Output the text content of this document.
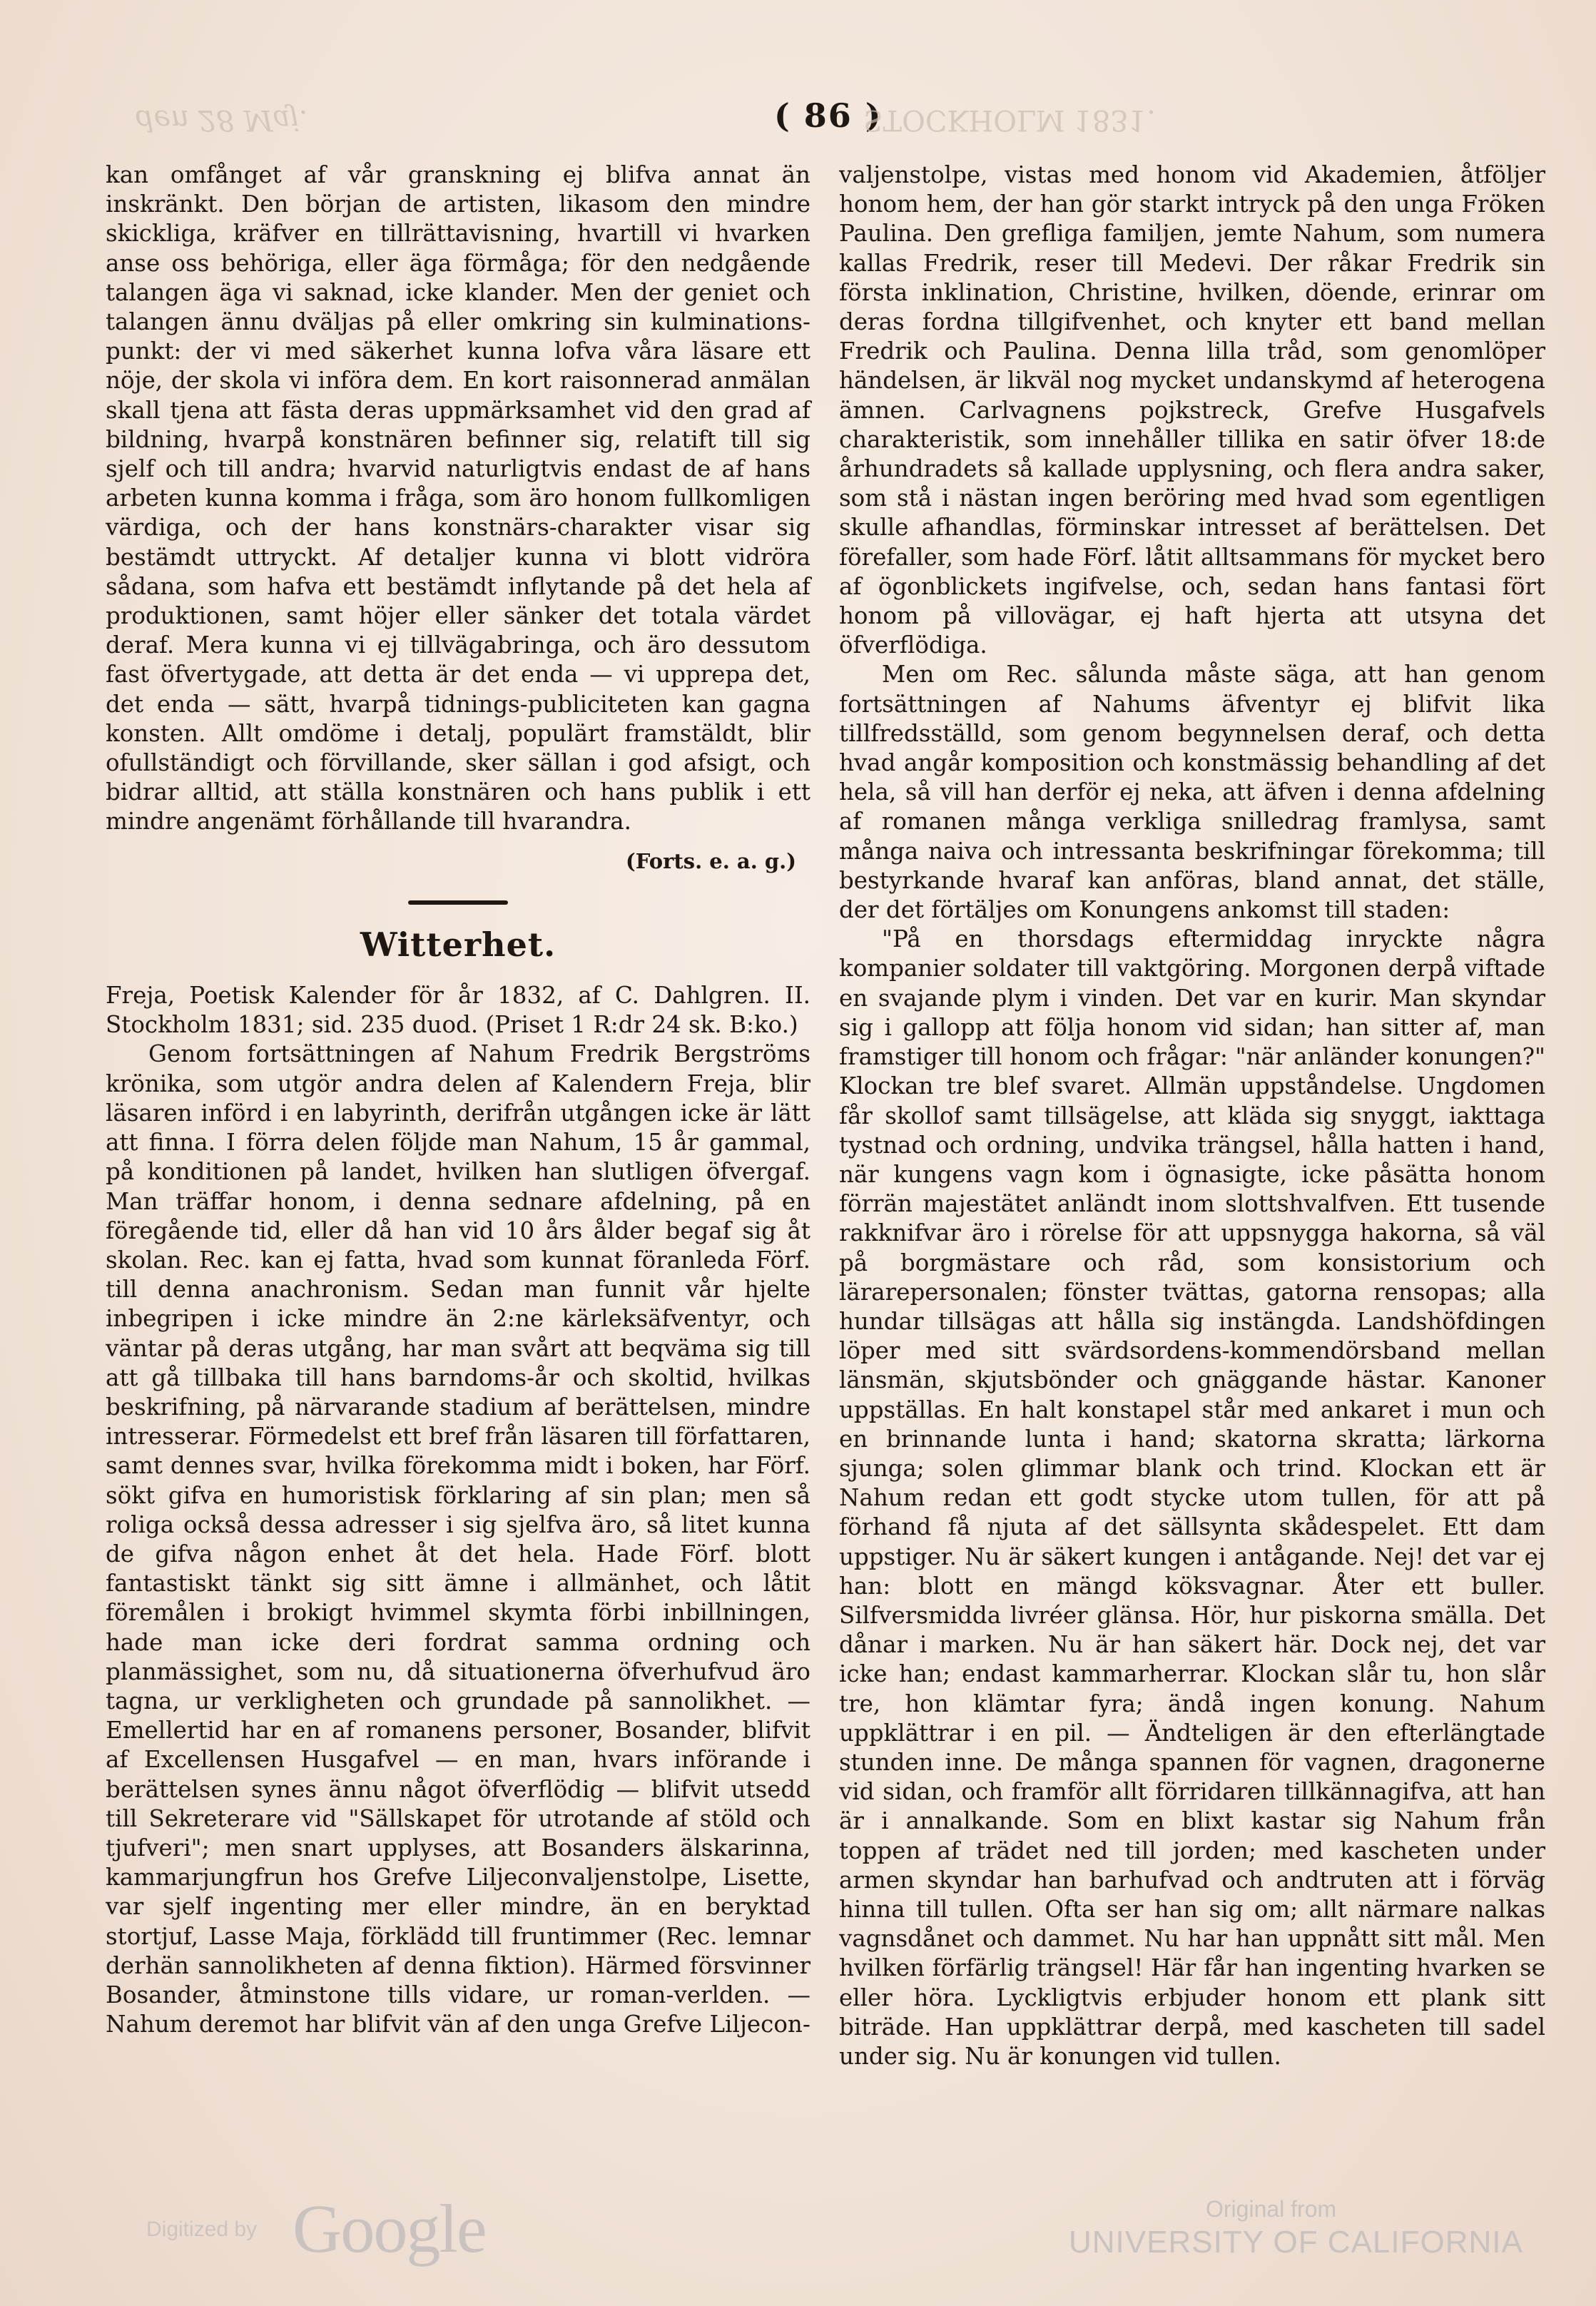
den 28 Maj.	( 86 )
STOCKHOLM 1831.

kan omfånget af vår granskning ej blifva annat än inskränkt. Den början de artisten, likasom den mindre skickliga, kräfver en tillrättavisning, hvartill vi hvarken anse oss behöriga, eller äga förmåga; för den nedgående talangen äga vi saknad, icke klander. Men der geniet och talangen ännu dväljas på eller omkring sin kulminations-punkt: der vi med säkerhet kunna lofva våra läsare ett nöje, der skola vi införa dem. En kort raisonnerad anmälan skall tjena att fästa deras uppmärksamhet vid den grad af bildning, hvarpå konstnären befinner sig, relatift till sig sjelf och till andra; hvarvid naturligtvis endast de af hans arbeten kunna komma i fråga, som äro honom fullkomligen värdiga, och der hans konstnärs-charakter visar sig bestämdt uttryckt. Af detaljer kunna vi blott vidröra sådana, som hafva ett bestämdt inflytande på det hela af produktionen, samt höjer eller sänker det totala värdet deraf. Mera kunna vi ej tillvägabringa, och äro dessutom fast öfvertygade, att detta är det enda — vi upprepa det, det enda — sätt, hvarpå tidnings-publiciteten kan gagna konsten. Allt omdöme i detalj, populärt framstäldt, blir ofullständigt och förvillande, sker sällan i god afsigt, och bidrar alltid, att ställa konstnären och hans publik i ett mindre angenämt förhållande till hvarandra.

(Forts. e. a. g.)
Witterhet.

Freja, Poetisk Kalender för år 1832, af C. Dahlgren. II. Stockholm 1831; sid. 235 duod. (Priset 1 R:dr 24 sk. B:ko.)

Genom fortsättningen af Nahum Fredrik Bergströms krönika, som utgör andra delen af Kalendern Freja, blir läsaren införd i en labyrinth, derifrån utgången icke är lätt att finna. I förra delen följde man Nahum, 15 år gammal, på konditionen på landet, hvilken han slutligen öfvergaf. Man träffar honom, i denna sednare afdelning, på en föregående tid, eller då han vid 10 års ålder begaf sig åt skolan. Rec. kan ej fatta, hvad som kunnat föranleda Förf. till denna anachronism. Sedan man funnit vår hjelte inbegripen i icke mindre än 2:ne kärleksäfventyr, och väntar på deras utgång, har man svårt att beqväma sig till att gå tillbaka till hans barndoms-år och skoltid, hvilkas beskrifning, på närvarande stadium af berättelsen, mindre intresserar. Förmedelst ett bref från läsaren till författaren, samt dennes svar, hvilka förekomma midt i boken, har Förf. sökt gifva en humoristisk förklaring af sin plan; men så roliga också dessa adresser i sig sjelfva äro, så litet kunna de gifva någon enhet åt det hela. Hade Förf. blott fantastiskt tänkt sig sitt ämne i allmänhet, och låtit föremålen i brokigt hvimmel skymta förbi inbillningen, hade man icke deri fordrat samma ordning och planmässighet, som nu, då situationerna öfverhufvud äro tagna, ur verkligheten och grundade på sannolikhet. — Emellertid har en af romanens personer, Bosander, blifvit af Excellensen Husgafvel — en man, hvars införande i berättelsen synes ännu något öfverflödig — blifvit utsedd till Sekreterare vid "Sällskapet för utrotande af stöld och tjufveri"; men snart upplyses, att Bosanders älskarinna, kammarjungfrun hos Grefve Liljeconvaljenstolpe, Lisette, var sjelf ingenting mer eller mindre, än en beryktad stortjuf, Lasse Maja, förklädd till fruntimmer (Rec. lemnar derhän sannolikheten af denna fiktion). Härmed försvinner Bosander, åtminstone tills vidare, ur roman-verlden. — Nahum deremot har blifvit vän af den unga Grefve Liljecon-

valjenstolpe, vistas med honom vid Akademien, åtföljer honom hem, der han gör starkt intryck på den unga Fröken Paulina. Den grefliga familjen, jemte Nahum, som numera kallas Fredrik, reser till Medevi. Der råkar Fredrik sin första inklination, Christine, hvilken, döende, erinrar om deras fordna tillgifvenhet, och knyter ett band mellan Fredrik och Paulina. Denna lilla tråd, som genomlöper händelsen, är likväl nog mycket undanskymd af heterogena ämnen. Carlvagnens pojkstreck, Grefve Husgafvels charakteristik, som innehåller tillika en satir öfver 18:de århundradets så kallade upplysning, och flera andra saker, som stå i nästan ingen beröring med hvad som egentligen skulle afhandlas, förminskar intresset af berättelsen. Det förefaller, som hade Förf. låtit alltsammans för mycket bero af ögonblickets ingifvelse, och, sedan hans fantasi fört honom på villovägar, ej haft hjerta att utsyna det öfverflödiga.

Men om Rec. sålunda måste säga, att han genom fortsättningen af Nahums äfventyr ej blifvit lika tillfredsställd, som genom begynnelsen deraf, och detta hvad angår komposition och konstmässig behandling af det hela, så vill han derför ej neka, att äfven i denna afdelning af romanen många verkliga snilledrag framlysa, samt många naiva och intressanta beskrifningar förekomma; till bestyrkande hvaraf kan anföras, bland annat, det ställe, der det förtäljes om Konungens ankomst till staden:

"På en thorsdags eftermiddag inryckte några kompanier soldater till vaktgöring. Morgonen derpå viftade en svajande plym i vinden. Det var en kurir. Man skyndar sig i gallopp att följa honom vid sidan; han sitter af, man framstiger till honom och frågar: "när anländer konungen?" Klockan tre blef svaret. Allmän uppståndelse. Ungdomen får skollof samt tillsägelse, att kläda sig snyggt, iakttaga tystnad och ordning, undvika trängsel, hålla hatten i hand, när kungens vagn kom i ögnasigte, icke påsätta honom förrän majestätet anländt inom slottshvalfven. Ett tusende rakknifvar äro i rörelse för att uppsnygga hakorna, så väl på borgmästare och råd, som konsistorium och lärarepersonalen; fönster tvättas, gatorna rensopas; alla hundar tillsägas att hålla sig instängda. Landshöfdingen löper med sitt svärdsordens-kommendörsband mellan länsmän, skjutsbönder och gnäggande hästar. Kanoner uppställas. En halt konstapel står med ankaret i mun och en brinnande lunta i hand; skatorna skratta; lärkorna sjunga; solen glimmar blank och trind. Klockan ett är Nahum redan ett godt stycke utom tullen, för att på förhand få njuta af det sällsynta skådespelet. Ett dam uppstiger. Nu är säkert kungen i antågande. Nej! det var ej han: blott en mängd köksvagnar. Åter ett buller. Silfversmidda livréer glänsa. Hör, hur piskorna smälla. Det dånar i marken. Nu är han säkert här. Dock nej, det var icke han; endast kammarherrar. Klockan slår tu, hon slår tre, hon klämtar fyra; ändå ingen konung. Nahum uppklättrar i en pil. — Ändteligen är den efterlängtade stunden inne. De många spannen för vagnen, dragonerne vid sidan, och framför allt förridaren tillkännagifva, att han är i annalkande. Som en blixt kastar sig Nahum från toppen af trädet ned till jorden; med kascheten under armen skyndar han barhufvad och andtruten att i förväg hinna till tullen. Ofta ser han sig om; allt närmare nalkas vagnsdånet och dammet. Nu har han uppnått sitt mål. Men hvilken förfärlig trängsel! Här får han ingenting hvarken se eller höra. Lyckligtvis erbjuder honom ett plank sitt biträde. Han uppklättrar derpå, med kascheten till sadel under sig. Nu är konungen vid tullen.

Digitized by Google	Original from
UNIVERSITY OF CALIFORNIA
